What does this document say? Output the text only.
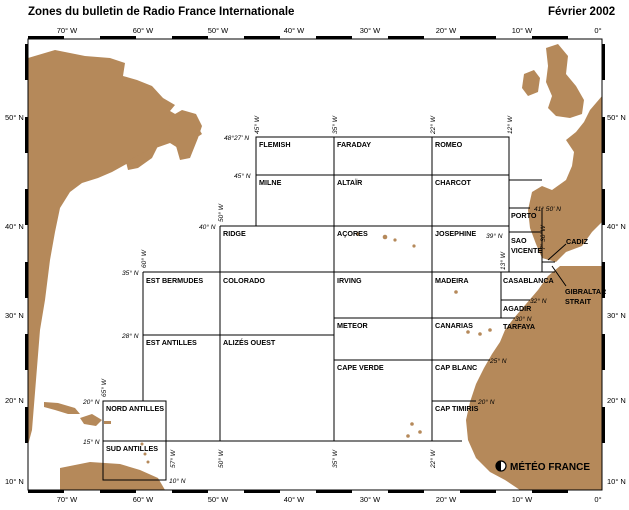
Zones du bulletin de Radio France Internationale	Février 2002
70° W	60° W	50° W	40° W	30° W	20° W	10° W	0°
70° W	60° W	50° W	40° W	30° W	20° W	10° W	0°
50° N
40° N
30° N
20° N
10° N
50° N
40° N
30° N
20° N
10° N
FLEMISH	FARADAY	ROMEO
MILNE	ALTAÏR	CHARCOT
RIDGE	AÇORES	JOSEPHINE
PORTO
SAO
VICENTE
CADIZ
EST BERMUDES	COLORADO	IRVING	MADEIRA	CASABLANCA
GIBRALTAR
STRAIT
AGADIR
TARFAYA
METEOR	CANARIAS
EST ANTILLES	ALIZÉS OUEST
CAPE VERDE	CAP BLANC
CAP TIMIRIS
NORD ANTILLES
SUD ANTILLES
48°27' N
45° N
40° N
39° N
35° N
28° N
20° N
15° N
10° N
41° 50' N
32° N
30° N
25° N
20° N
45° W	35° W	22° W	12° W
50° W
60° W	13° W
7° 30' W
65° W
57° W	50° W	35° W	22° W	MÉTÉO FRANCE
